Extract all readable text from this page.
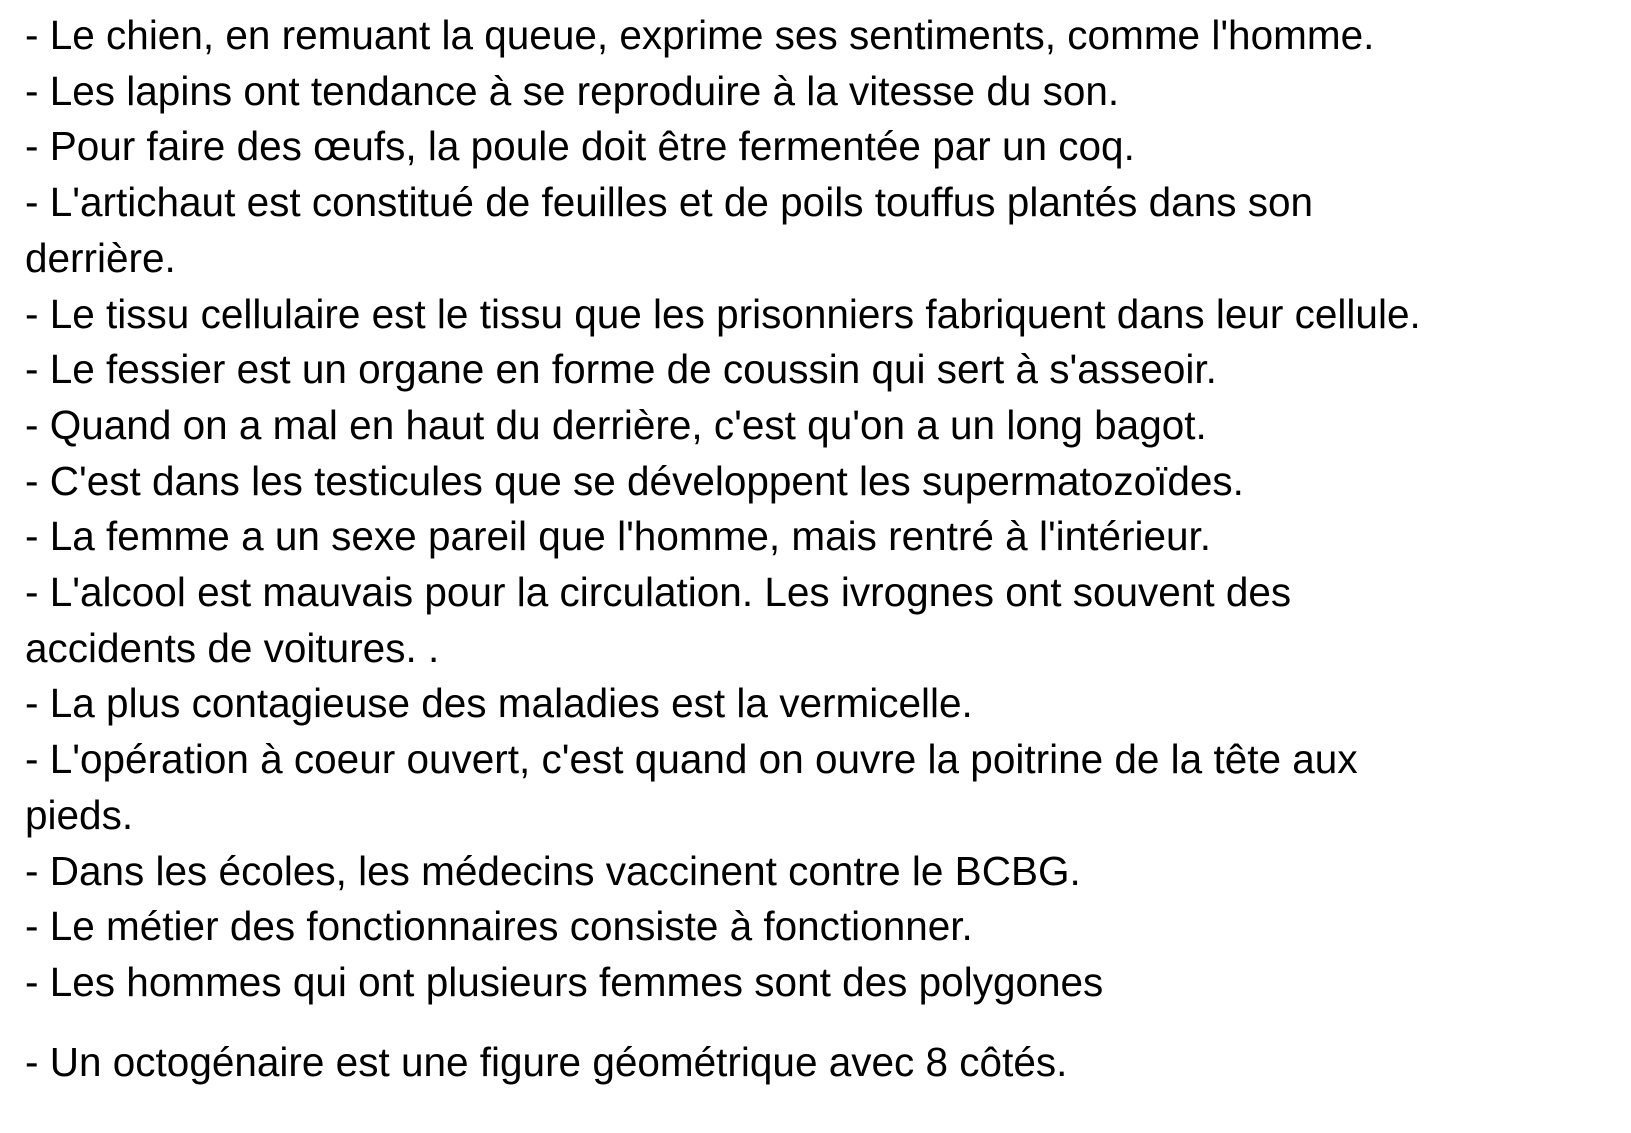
- Le chien, en remuant la queue, exprime ses sentiments, comme l'homme.

- Les lapins ont tendance à se reproduire à la vitesse du son.

- Pour faire des œufs, la poule doit être fermentée par un coq.

- L'artichaut est constitué de feuilles et de poils touffus plantés dans son

derrière.

- Le tissu cellulaire est le tissu que les prisonniers fabriquent dans leur cellule.

- Le fessier est un organe en forme de coussin qui sert à s'asseoir.

- Quand on a mal en haut du derrière, c'est qu'on a un long bagot.

- C'est dans les testicules que se développent les supermatozoïdes.

- La femme a un sexe pareil que l'homme, mais rentré à l'intérieur.

- L'alcool est mauvais pour la circulation. Les ivrognes ont souvent des

accidents de voitures. .

- La plus contagieuse des maladies est la vermicelle.

- L'opération à coeur ouvert, c'est quand on ouvre la poitrine de la tête aux

pieds.

- Dans les écoles, les médecins vaccinent contre le BCBG.

- Le métier des fonctionnaires consiste à fonctionner.

- Les hommes qui ont plusieurs femmes sont des polygones

- Un octogénaire est une figure géométrique avec 8 côtés.
